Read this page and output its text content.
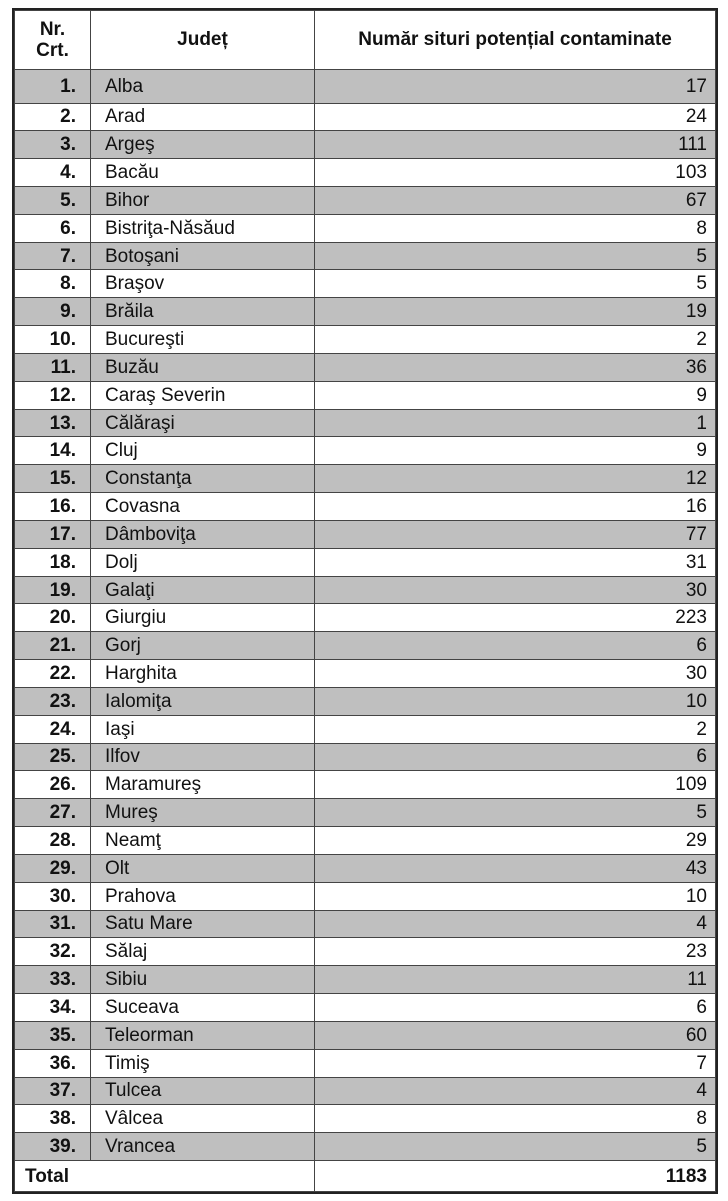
Nr. Crt.	Județ	Număr situri potențial contaminate
1.	Alba	17
2.	Arad	24
3.	Argeş	111
4.	Bacău	103
5.	Bihor	67
6.	Bistriţa-Năsăud	8
7.	Botoşani	5
8.	Braşov	5
9.	Brăila	19
10.	Bucureşti	2
11.	Buzău	36
12.	Caraş Severin	9
13.	Călăraşi	1
14.	Cluj	9
15.	Constanţa	12
16.	Covasna	16
17.	Dâmboviţa	77
18.	Dolj	31
19.	Galaţi	30
20.	Giurgiu	223
21.	Gorj	6
22.	Harghita	30
23.	Ialomiţa	10
24.	Iaşi	2
25.	Ilfov	6
26.	Maramureş	109
27.	Mureş	5
28.	Neamţ	29
29.	Olt	43
30.	Prahova	10
31.	Satu Mare	4
32.	Sălaj	23
33.	Sibiu	11
34.	Suceava	6
35.	Teleorman	60
36.	Timiş	7
37.	Tulcea	4
38.	Vâlcea	8
39.	Vrancea	5
Total		1183
